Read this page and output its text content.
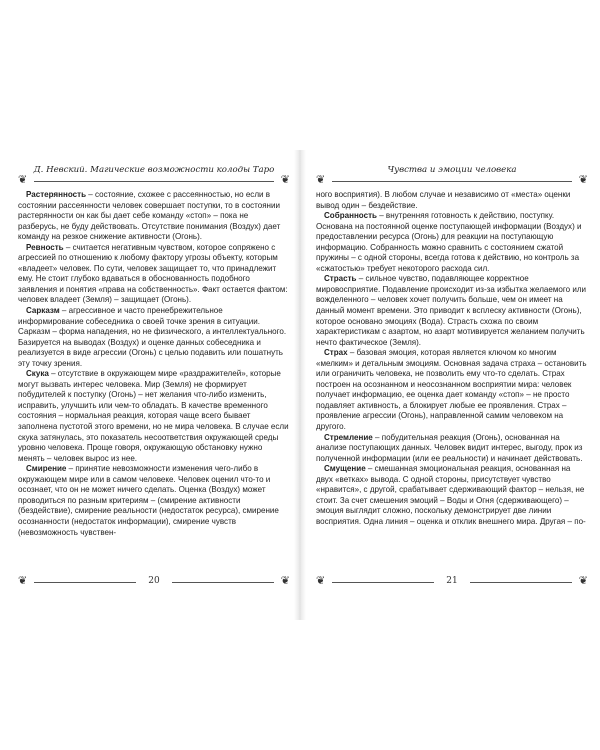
❦
Д. Невский. Магические возможности колоды Таро
❦

Растерянность – состояние, схожее с рассеянностью, но если в состоянии рассеянности человек совершает поступки, то в состоянии растерянности он как бы дает себе команду «стоп» – пока не разберусь, не буду действовать. Отсутствие понимания (Воздух) дает команду на резкое снижение активности (Огонь).

Ревность – считается негативным чувством, которое сопряжено с агрессией по отношению к любому фактору угрозы объекту, которым «владеет» человек. По сути, человек защищает то, что принадлежит ему. Не стоит глубоко вдаваться в обоснованность подобного заявления и понятия «права на собственность». Факт остается фактом: человек владеет (Земля) – защищает (Огонь).

Сарказм – агрессивное и часто пренебрежительное информирование собеседника о своей точке зрения в ситуации. Сарказм – форма нападения, но не физического, а интеллектуального. Базируется на выводах (Воздух) и оценке данных собеседника и реализуется в виде агрессии (Огонь) с целью подавить или пошатнуть эту точку зрения.

Скука – отсутствие в окружающем мире «раздражителей», которые могут вызвать интерес человека. Мир (Земля) не формирует побудителей к поступку (Огонь) – нет желания что-либо изменить, исправить, улучшить или чем-то обладать. В качестве временного состояния – нормальная реакция, которая чаще всего бывает заполнена пустотой этого времени, но не мира человека. В случае если скука затянулась, это показатель несоответствия окружающей среды уровню человека. Проще говоря, окружающую обстановку нужно менять – человек вырос из нее.

Смирение – принятие невозможности изменения чего-либо в окружающем мире или в самом человеке. Человек оценил что-то и осознает, что он не может ничего сделать. Оценка (Воздух) может проводиться по разным критериям – (смирение активности (бездействие), смирение реальности (недостаток ресурса), смирение осознанности (недостаток информации), смирение чувств (невозможность чувствен-

❦	20	❦
❦
Чувства и эмоции человека
❦

ного восприятия). В любом случае и независимо от «места» оценки вывод один – бездействие.

Собранность – внутренняя готовность к действию, поступку. Основана на постоянной оценке поступающей информации (Воздух) и предоставлении ресурса (Огонь) для реакции на поступающую информацию. Собранность можно сравнить с состоянием сжатой пружины – с одной стороны, всегда готова к действию, но контроль за «сжатостью» требует некоторого расхода сил.

Страсть – сильное чувство, подавляющее корректное мировосприятие. Подавление происходит из-за избытка желаемого или вожделенного – человек хочет получить больше, чем он имеет на данный момент времени. Это приводит к всплеску активности (Огонь), которое основано эмоциях (Вода). Страсть схожа по своим характеристикам с азартом, но азарт мотивируется желанием получить нечто фактическое (Земля).

Страх – базовая эмоция, которая является ключом ко многим «мелким» и детальным эмоциям. Основная задача страха – остановить или ограничить человека, не позволить ему что-то сделать. Страх построен на осознанном и неосознанном восприятии мира: человек получает информацию, ее оценка дает команду «стоп» – не просто подавляет активность, а блокирует любые ее проявления. Страх – проявление агрессии (Огонь), направленной самим человеком на другого.

Стремление – побудительная реакция (Огонь), основанная на анализе поступающих данных. Человек видит интерес, выгоду, прок из полученной информации (или ее реальности) и начинает действовать.

Смущение – смешанная эмоциональная реакция, основанная на двух «ветках» вывода. С одной стороны, присутствует чувство «нравится», с другой, срабатывает сдерживающий фактор – нельзя, не стоит. За счет смешения эмоций – Воды и Огня (сдерживающего) – эмоция выглядит сложно, поскольку демонстрирует две линии восприятия. Одна линия – оценка и отклик внешнего мира. Другая – по-

❦	21	❦
